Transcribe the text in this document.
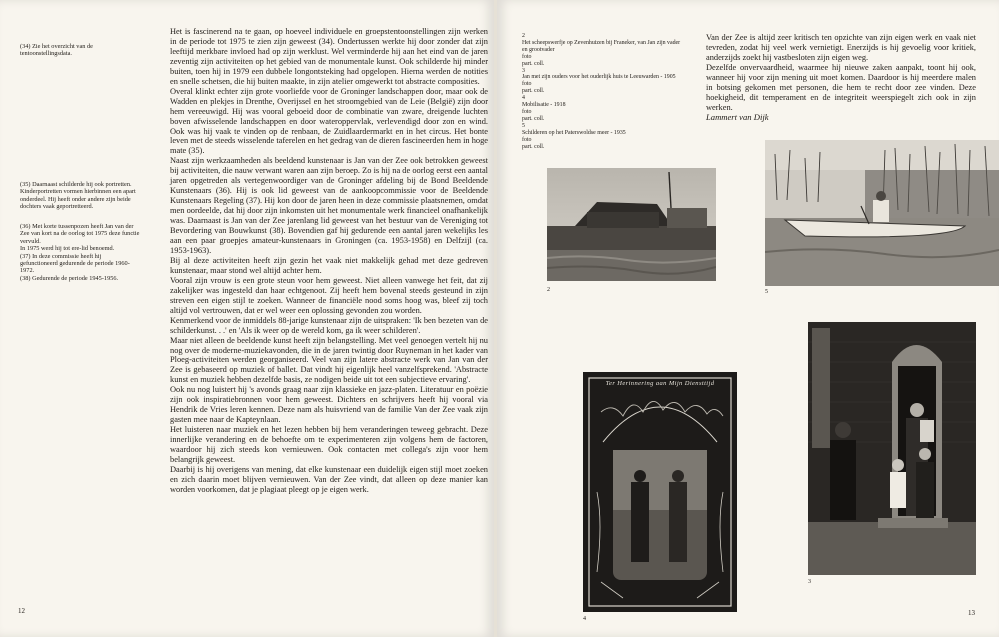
(34) Zie het overzicht van de tentoonstellingsdata.

(35) Daarnaast schilderde hij ook portretten. Kinderportretten vormen hierbinnen een apart onderdeel. Hij heeft onder andere zijn beide dochters vaak geportretteerd.

(36) Met korte tussenpozen heeft Jan van der Zee van kort na de oorlog tot 1975 deze functie vervuld.

In 1975 werd hij tot ere-lid benoemd.

(37) In deze commissie heeft hij gefunctioneerd gedurende de periode 1960-1972.

(38) Gedurende de periode 1945-1956.

Het is fascinerend na te gaan, op hoeveel individuele en groepstentoonstellingen zijn werken in de periode tot 1975 te zien zijn geweest (34). Ondertussen werkte hij door zonder dat zijn leeftijd merkbare invloed had op zijn werklust. Wel verminderde hij aan het eind van de jaren zeventig zijn activiteiten op het gebied van de monumentale kunst. Ook schilderde hij minder buiten, toen hij in 1979 een dubbele longontsteking had opgelopen. Hierna werden de notities en snelle schetsen, die hij buiten maakte, in zijn atelier omgewerkt tot abstracte composities.

Overal klinkt echter zijn grote voorliefde voor de Groninger landschappen door, maar ook de Wadden en plekjes in Drenthe, Overijssel en het stroomgebied van de Leie (België) zijn door hem vereeuwigd. Hij was vooral geboeid door de combinatie van zware, dreigende luchten boven afwisselende landschappen en door wateroppervlak, verlevendigd door zon en wind. Ook was hij vaak te vinden op de renbaan, de Zuidlaardermarkt en in het circus. Het bonte leven met de steeds wisselende taferelen en het gedrag van de dieren fascineerden hem in hoge mate (35).

Naast zijn werkzaamheden als beeldend kunstenaar is Jan van der Zee ook betrokken geweest bij activiteiten, die nauw verwant waren aan zijn beroep. Zo is hij na de oorlog eerst een aantal jaren opgetreden als vertegenwoordiger van de Groninger afdeling bij de Bond Beeldende Kunstenaars (36). Hij is ook lid geweest van de aankoopcommissie voor de Beeldende Kunstenaars Regeling (37). Hij kon door de jaren heen in deze commissie plaatsnemen, omdat men oordeelde, dat hij door zijn inkomsten uit het monumentale werk financieel onafhankelijk was. Daarnaast is Jan van der Zee jarenlang lid geweest van het bestuur van de Vereniging tot Bevordering van Bouwkunst (38). Bovendien gaf hij gedurende een aantal jaren wekelijks les aan een paar groepjes amateur-kunstenaars in Groningen (ca. 1953-1958) en Delfzijl (ca. 1953-1963).

Bij al deze activiteiten heeft zijn gezin het vaak niet makkelijk gehad met deze gedreven kunstenaar, maar stond wel altijd achter hem.

Vooral zijn vrouw is een grote steun voor hem geweest. Niet alleen vanwege het feit, dat zij zakelijker was ingesteld dan haar echtgenoot. Zij heeft hem bovenal steeds gesteund in zijn streven een eigen stijl te zoeken. Wanneer de financiële nood soms hoog was, bleef zij toch altijd vol vertrouwen, dat er wel weer een oplossing gevonden zou worden.

Kenmerkend voor de inmiddels 88-jarige kunstenaar zijn de uitspraken: 'Ik ben bezeten van de schilderkunst. . .' en 'Als ik weer op de wereld kom, ga ik weer schilderen'.

Maar niet alleen de beeldende kunst heeft zijn belangstelling. Met veel genoegen vertelt hij nu nog over de moderne-muziekavonden, die in de jaren twintig door Ruyneman in het kader van Ploeg-activiteiten werden georganiseerd. Veel van zijn latere abstracte werk van Jan van der Zee is gebaseerd op muziek of ballet. Dat vindt hij eigenlijk heel vanzelfsprekend. 'Abstracte kunst en muziek hebben dezelfde basis, ze nodigen beide uit tot een subjectieve ervaring'.

Ook nu nog luistert hij 's avonds graag naar zijn klassieke en jazz-platen. Literatuur en poëzie zijn ook inspiratiebronnen voor hem geweest. Dichters en schrijvers heeft hij vooral via Hendrik de Vries leren kennen. Deze nam als huisvriend van de familie Van der Zee vaak zijn gasten mee naar de Kapteynlaan.

Het luisteren naar muziek en het lezen hebben bij hem veranderingen teweeg gebracht. Deze innerlijke verandering en de behoefte om te experimenteren zijn volgens hem de factoren, waardoor hij zich steeds kon vernieuwen. Ook contacten met collega's zijn voor hem belangrijk geweest.

Daarbij is hij overigens van mening, dat elke kunstenaar een duidelijk eigen stijl moet zoeken en zich daarin moet blijven vernieuwen. Van der Zee vindt, dat alleen op deze manier kan worden voorkomen, dat je plagiaat pleegt op je eigen werk.

12

2

Het scheepswerfje op Zevenhuizen bij Franeker, van Jan zijn vader en grootvader

foto

part. coll.

3

Jan met zijn ouders voor het ouderlijk huis te Leeuwarden - 1905

foto

part. coll.

4

Mobilisatie - 1918

foto

part. coll.

5

Schilderen op het Paterswoldse meer - 1935

foto

part. coll.

Van der Zee is altijd zeer kritisch ten opzichte van zijn eigen werk en vaak niet tevreden, zodat hij veel werk vernietigt. Enerzijds is hij gevoelig voor kritiek, anderzijds zoekt hij vastbesloten zijn eigen weg.

Dezelfde onvervaardheid, waarmee hij nieuwe zaken aanpakt, toont hij ook, wanneer hij voor zijn mening uit moet komen. Daardoor is hij meerdere malen in botsing gekomen met personen, die hem te recht door zee vinden. Deze hoekigheid, dit temperament en de integriteit weerspiegelt zich ook in zijn werken.

Lammert van Dijk
2	5
Ter Herinnering aan Mijn Diensttijd
4
3
13
